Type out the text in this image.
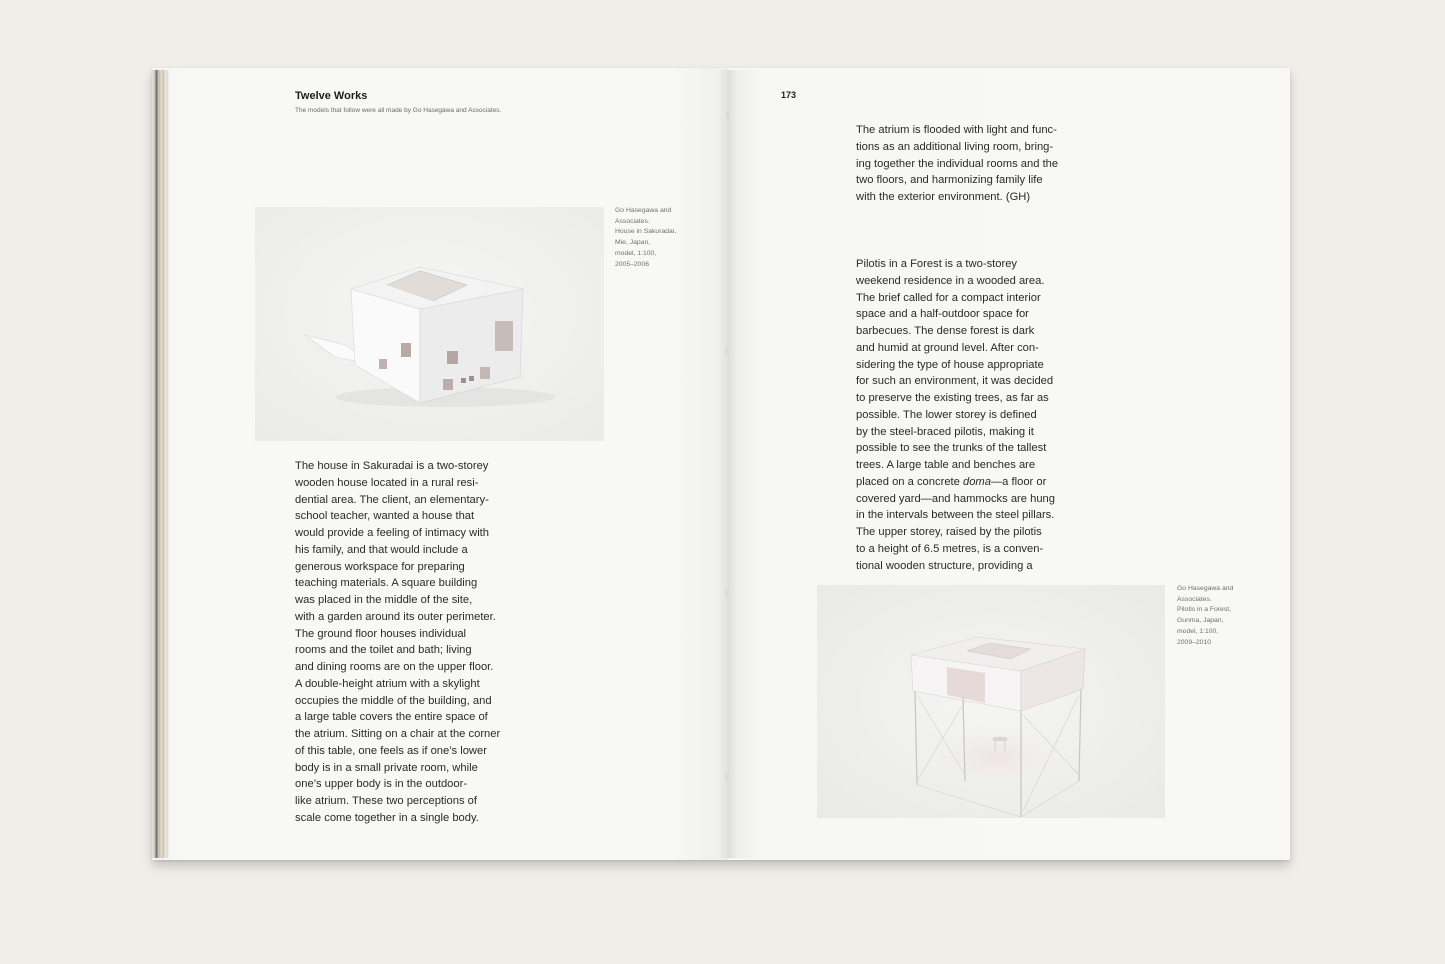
Twelve Works

The models that follow were all made by Go Hasegawa and Associates.

Go Hasegawa and
Associates.
House in Sakuradai,
Mie, Japan,
model, 1:100,
2005–2006

The house in Sakuradai is a two-storey
wooden house located in a rural resi-
dential area. The client, an elementary-
school teacher, wanted a house that
would provide a feeling of intimacy with
his family, and that would include a
generous workspace for preparing
teaching materials. A square building
was placed in the middle of the site,
with a garden around its outer perimeter.
The ground floor houses individual
rooms and the toilet and bath; living
and dining rooms are on the upper floor.
A double-height atrium with a skylight
occupies the middle of the building, and
a large table covers the entire space of
the atrium. Sitting on a chair at the corner
of this table, one feels as if one’s lower
body is in a small private room, while
one’s upper body is in the outdoor-
like atrium. These two perceptions of
scale come together in a single body.
173
The atrium is flooded with light and func-
tions as an additional living room, bring-
ing together the individual rooms and the
two floors, and harmonizing family life
with the exterior environment. (GH)
Pilotis in a Forest is a two-storey
weekend residence in a wooded area.
The brief called for a compact interior
space and a half-outdoor space for
barbecues. The dense forest is dark
and humid at ground level. After con-
sidering the type of house appropriate
for such an environment, it was decided
to preserve the existing trees, as far as
possible. The lower storey is defined
by the steel-braced pilotis, making it
possible to see the trunks of the tallest
trees. A large table and benches are
placed on a concrete doma—a floor or
covered yard—and hammocks are hung
in the intervals between the steel pillars.
The upper storey, raised by the pilotis
to a height of 6.5 metres, is a conven-
tional wooden structure, providing a

Go Hasegawa and
Associates.
Pilotis in a Forest,
Gunma, Japan,
model, 1:100,
2009–2010
